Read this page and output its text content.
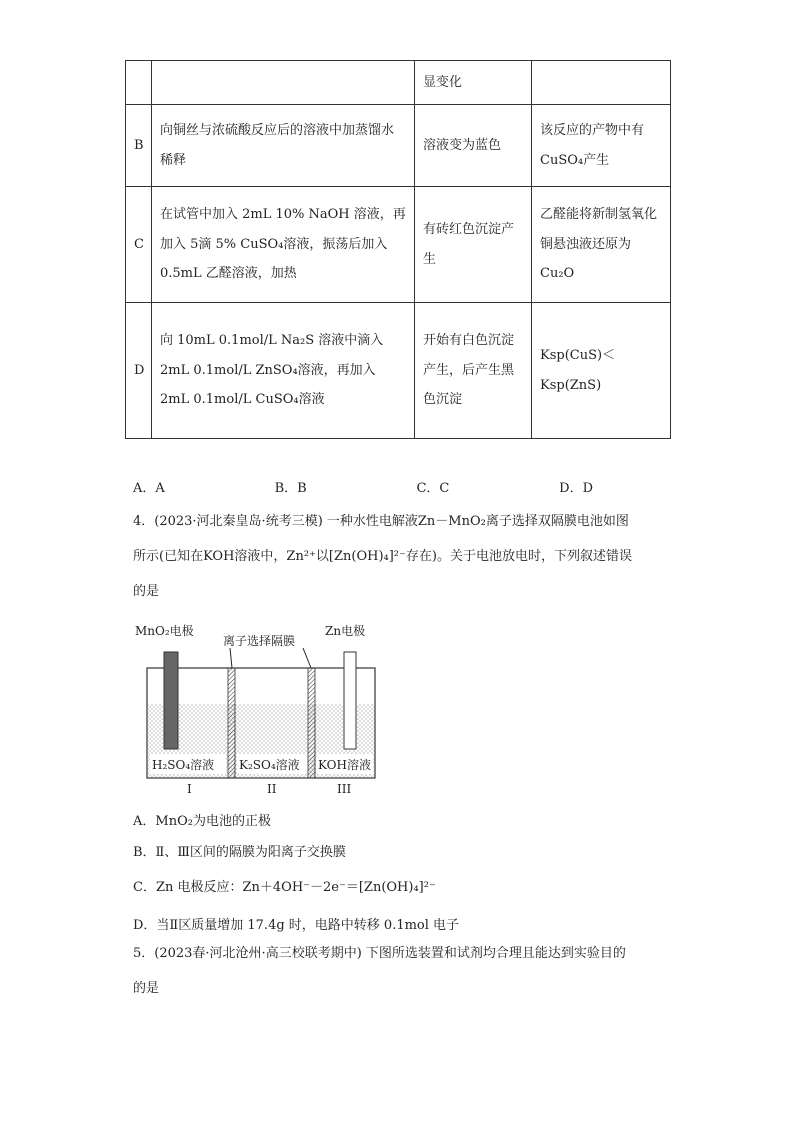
		显变化	
B	向铜丝与浓硫酸反应后的溶液中加蒸馏水稀释	溶液变为蓝色	该反应的产物中有CuSO₄产生
C	在试管中加入 2mL 10% NaOH 溶液，再加入 5滴 5% CuSO₄溶液，振荡后加入0.5mL 乙醛溶液，加热	有砖红色沉淀产生	乙醛能将新制氢氧化铜悬浊液还原为Cu₂O
D	向 10mL 0.1mol/L Na₂S 溶液中滴入 2mL 0.1mol/L ZnSO₄溶液，再加入 2mL 0.1mol/L CuSO₄溶液	开始有白色沉淀产生，后产生黑色沉淀	Ksp(CuS)＜Ksp(ZnS)
A．A	B．B	C．C	D．D

4．(2023·河北秦皇岛·统考三模) 一种水性电解液Zn－MnO₂离子选择双隔膜电池如图

所示(已知在KOH溶液中，Zn²⁺以[Zn(OH)₄]²⁻存在)。关于电池放电时，下列叙述错误

的是

MnO₂电极
离子选择隔膜
Zn电极
H₂SO₄溶液 K₂SO₄溶液 KOH溶液
I	II	III
A．MnO₂为电池的正极
B．Ⅱ、Ⅲ区间的隔膜为阳离子交换膜
C．Zn 电极反应：Zn＋4OH⁻－2e⁻＝[Zn(OH)₄]²⁻
D．当Ⅱ区质量增加 17.4g 时，电路中转移 0.1mol 电子

5．(2023春·河北沧州·高三校联考期中) 下图所选装置和试剂均合理且能达到实验目的

的是
